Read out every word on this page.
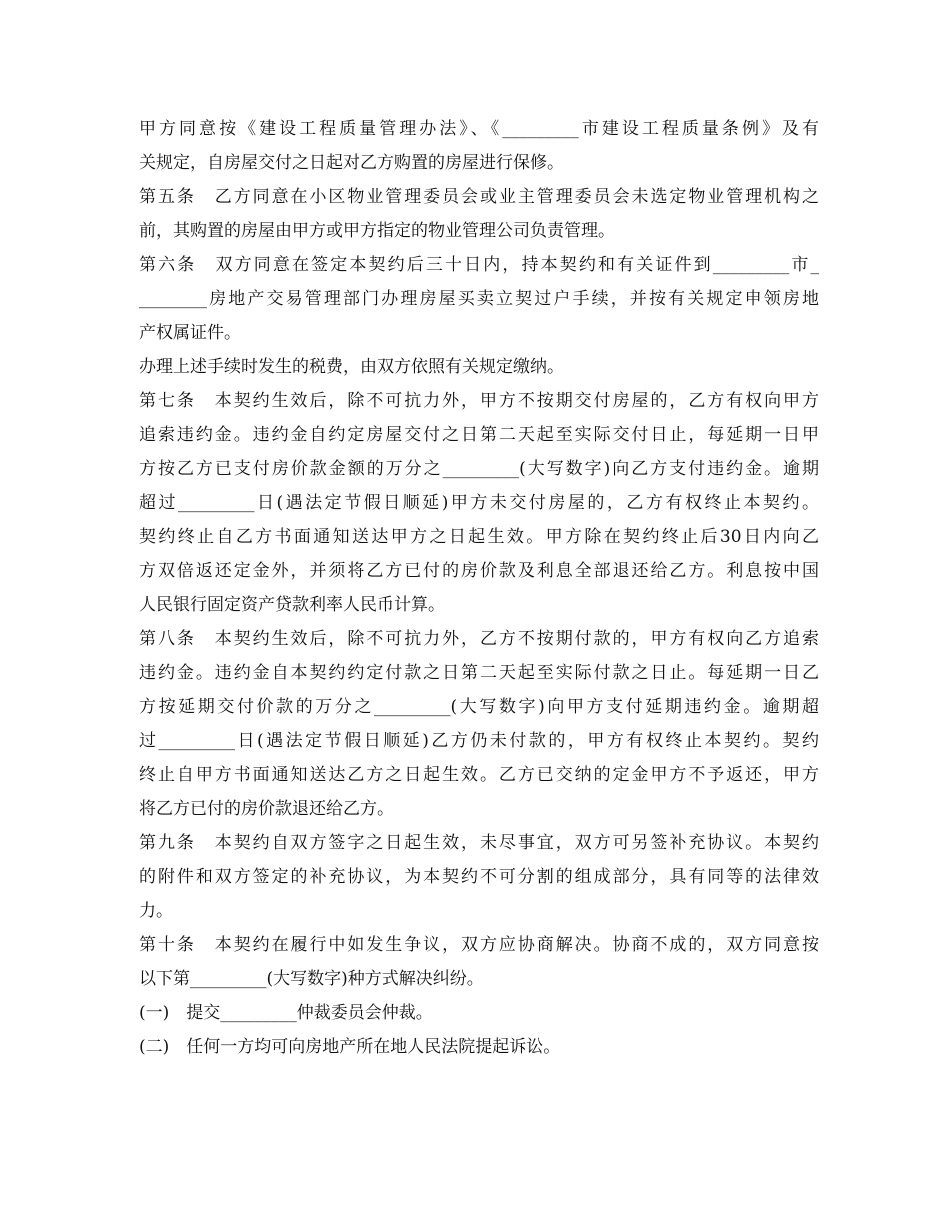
甲方同意按《建设工程质量管理办法》、《_________市建设工程质量条例》及有
关规定，自房屋交付之日起对乙方购置的房屋进行保修。
第五条　乙方同意在小区物业管理委员会或业主管理委员会未选定物业管理机构之
前，其购置的房屋由甲方或甲方指定的物业管理公司负责管理。
第六条　双方同意在签定本契约后三十日内，持本契约和有关证件到_________市_
________房地产交易管理部门办理房屋买卖立契过户手续，并按有关规定申领房地
产权属证件。
办理上述手续时发生的税费，由双方依照有关规定缴纳。
第七条　本契约生效后，除不可抗力外，甲方不按期交付房屋的，乙方有权向甲方
追索违约金。违约金自约定房屋交付之日第二天起至实际交付日止，每延期一日甲
方按乙方已支付房价款金额的万分之_________(大写数字)向乙方支付违约金。逾期
超过_________日(遇法定节假日顺延)甲方未交付房屋的，乙方有权终止本契约。
契约终止自乙方书面通知送达甲方之日起生效。甲方除在契约终止后30日内向乙
方双倍返还定金外，并须将乙方已付的房价款及利息全部退还给乙方。利息按中国
人民银行固定资产贷款利率人民币计算。
第八条　本契约生效后，除不可抗力外，乙方不按期付款的，甲方有权向乙方追索
违约金。违约金自本契约约定付款之日第二天起至实际付款之日止。每延期一日乙
方按延期交付价款的万分之_________(大写数字)向甲方支付延期违约金。逾期超
过_________日(遇法定节假日顺延)乙方仍未付款的，甲方有权终止本契约。契约
终止自甲方书面通知送达乙方之日起生效。乙方已交纳的定金甲方不予返还，甲方
将乙方已付的房价款退还给乙方。
第九条　本契约自双方签字之日起生效，未尽事宜，双方可另签补充协议。本契约
的附件和双方签定的补充协议，为本契约不可分割的组成部分，具有同等的法律效
力。
第十条　本契约在履行中如发生争议，双方应协商解决。协商不成的，双方同意按
以下第_________(大写数字)种方式解决纠纷。
(一)　提交_________仲裁委员会仲裁。
(二)　任何一方均可向房地产所在地人民法院提起诉讼。
